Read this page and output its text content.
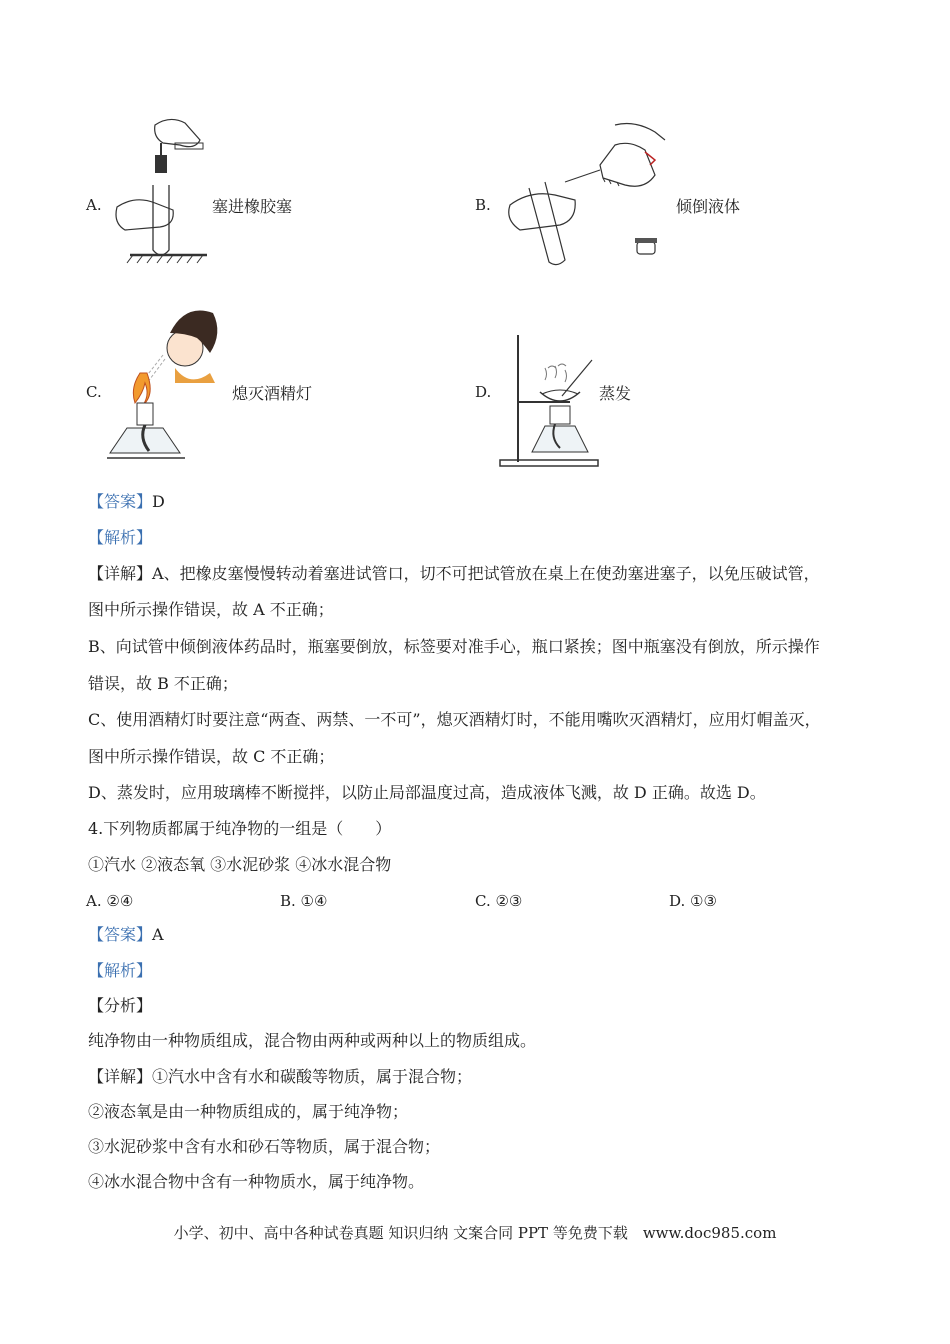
A.	塞进橡胶塞	B.	倾倒液体
C.	熄灭酒精灯	D.	蒸发
【答案】D
【解析】
【详解】A、把橡皮塞慢慢转动着塞进试管口，切不可把试管放在桌上在使劲塞进塞子，以免压破试管，
图中所示操作错误，故 A 不正确；
B、向试管中倾倒液体药品时，瓶塞要倒放，标签要对准手心，瓶口紧挨；图中瓶塞没有倒放，所示操作
错误，故 B 不正确；
C、使用酒精灯时要注意“两查、两禁、一不可”，熄灭酒精灯时，不能用嘴吹灭酒精灯，应用灯帽盖灭，
图中所示操作错误，故 C 不正确；
D、蒸发时，应用玻璃棒不断搅拌，以防止局部温度过高，造成液体飞溅，故 D 正确。故选 D。
4.下列物质都属于纯净物的一组是（　　）
①汽水 ②液态氧 ③水泥砂浆 ④冰水混合物
A. ②④	B. ①④	C. ②③	D. ①③
【答案】A
【解析】
【分析】
纯净物由一种物质组成，混合物由两种或两种以上的物质组成。
【详解】①汽水中含有水和碳酸等物质，属于混合物；
②液态氧是由一种物质组成的，属于纯净物；
③水泥砂浆中含有水和砂石等物质，属于混合物；
④冰水混合物中含有一种物质水，属于纯净物。
小学、初中、高中各种试卷真题 知识归纳 文案合同 PPT 等免费下载　www.doc985.com
